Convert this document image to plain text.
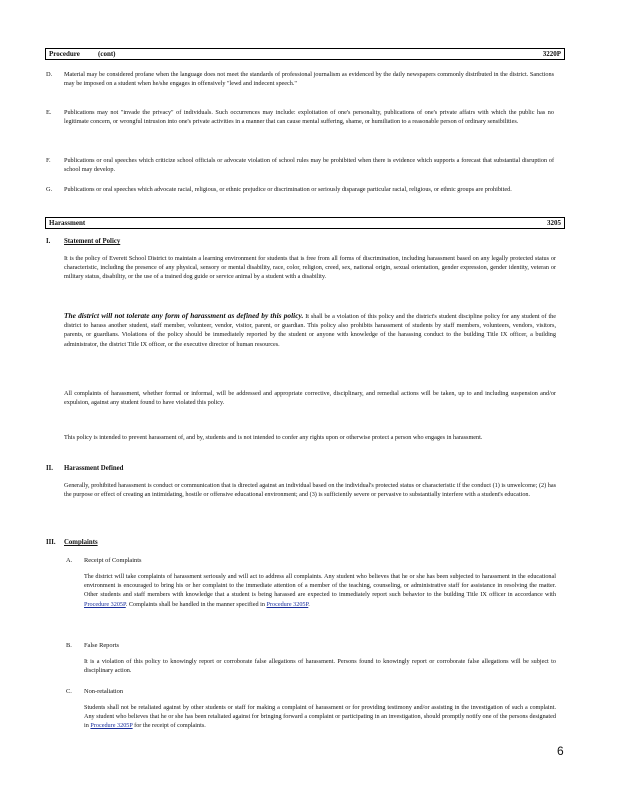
Procedure	(cont)	3220P
D. Material may be considered profane when the language does not meet the standards of professional journalism as evidenced by the daily newspapers commonly distributed in the district. Sanctions may be imposed on a student when he/she engages in offensively "lewd and indecent speech."
E. Publications may not "invade the privacy" of individuals. Such occurrences may include: exploitation of one's personality, publications of one's private affairs with which the public has no legitimate concern, or wrongful intrusion into one's private activities in a manner that can cause mental suffering, shame, or humiliation to a reasonable person of ordinary sensibilities.
F. Publications or oral speeches which criticize school officials or advocate violation of school rules may be prohibited when there is evidence which supports a forecast that substantial disruption of school may develop.
G. Publications or oral speeches which advocate racial, religious, or ethnic prejudice or discrimination or seriously disparage particular racial, religious, or ethnic groups are prohibited.
Harassment	3205
I. Statement of Policy
It is the policy of Everett School District to maintain a learning environment for students that is free from all forms of discrimination, including harassment based on any legally protected status or characteristic, including the presence of any physical, sensory or mental disability, race, color, religion, creed, sex, national origin, sexual orientation, gender expression, gender identity, veteran or military status, disability, or the use of a trained dog guide or service animal by a student with a disability.
The district will not tolerate any form of harassment as defined by this policy. It shall be a violation of this policy and the district's student discipline policy for any student of the district to harass another student, staff member, volunteer, vendor, visitor, parent, or guardian. This policy also prohibits harassment of students by staff members, volunteers, vendors, visitors, parents, or guardians. Violations of the policy should be immediately reported by the student or anyone with knowledge of the harassing conduct to the building Title IX officer, a building administrator, the district Title IX officer, or the executive director of human resources.
All complaints of harassment, whether formal or informal, will be addressed and appropriate corrective, disciplinary, and remedial actions will be taken, up to and including suspension and/or expulsion, against any student found to have violated this policy.
This policy is intended to prevent harassment of, and by, students and is not intended to confer any rights upon or otherwise protect a person who engages in harassment.
II. Harassment Defined
Generally, prohibited harassment is conduct or communication that is directed against an individual based on the individual's protected status or characteristic if the conduct (1) is unwelcome; (2) has the purpose or effect of creating an intimidating, hostile or offensive educational environment; and (3) is sufficiently severe or pervasive to substantially interfere with a student's education.
III. Complaints
A. Receipt of Complaints
The district will take complaints of harassment seriously and will act to address all complaints. Any student who believes that he or she has been subjected to harassment in the educational environment is encouraged to bring his or her complaint to the immediate attention of a member of the teaching, counseling, or administrative staff for assistance in resolving the matter. Other students and staff members with knowledge that a student is being harassed are expected to immediately report such behavior to the building Title IX officer in accordance with Procedure 3205P. Complaints shall be handled in the manner specified in Procedure 3205P.
B. False Reports
It is a violation of this policy to knowingly report or corroborate false allegations of harassment. Persons found to knowingly report or corroborate false allegations will be subject to disciplinary action.
C. Non-retaliation
Students shall not be retaliated against by other students or staff for making a complaint of harassment or for providing testimony and/or assisting in the investigation of such a complaint. Any student who believes that he or she has been retaliated against for bringing forward a complaint or participating in an investigation, should promptly notify one of the persons designated in Procedure 3205P for the receipt of complaints.
6
